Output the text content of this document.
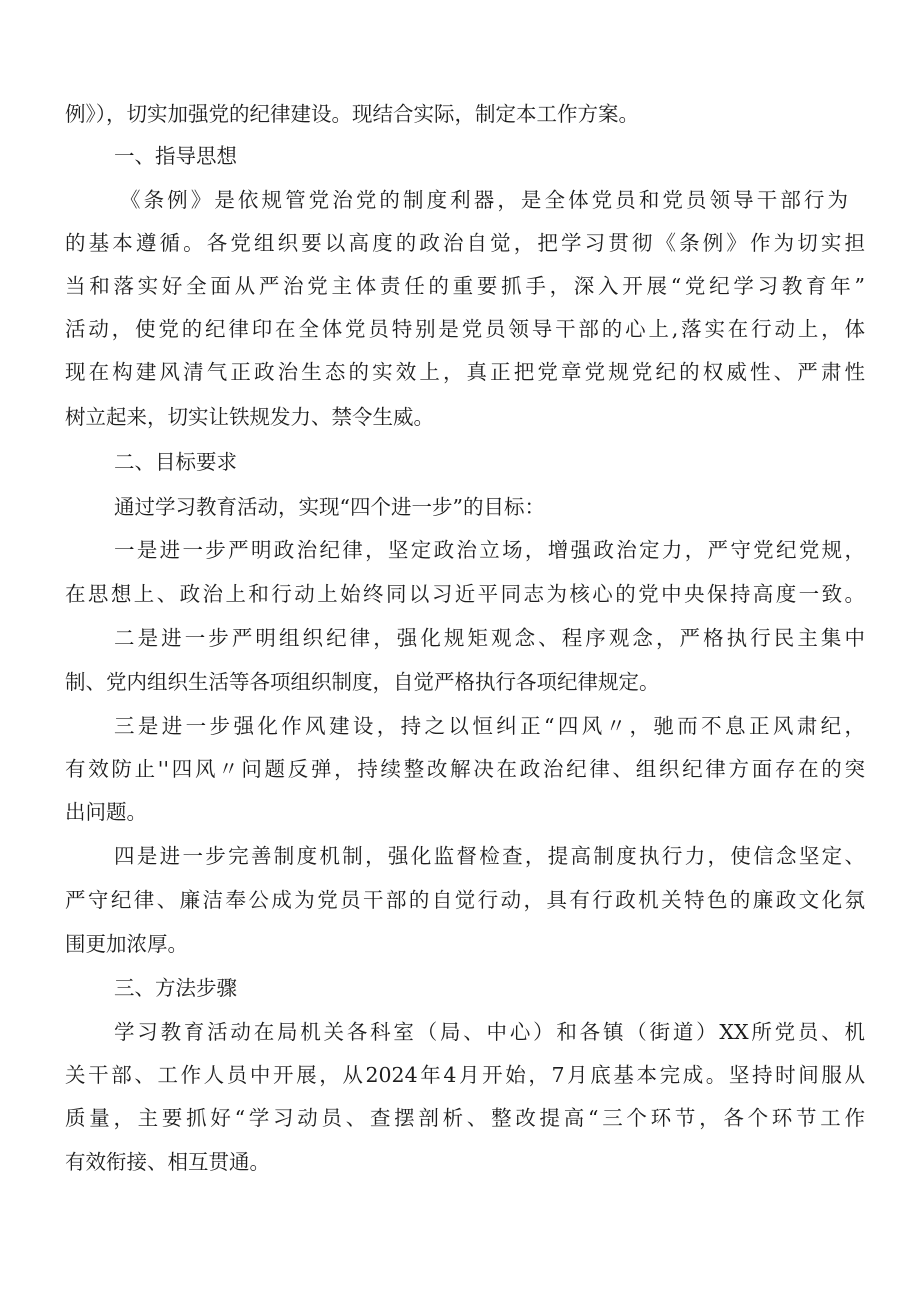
例》），切实加强党的纪律建设。现结合实际，制定本工作方案。
一、指导思想
《条例》是依规管党治党的制度利器，是全体党员和党员领导干部行为
的基本遵循。各党组织要以高度的政治自觉，把学习贯彻《条例》作为切实担
当和落实好全面从严治党主体责任的重要抓手，深入开展“党纪学习教育年”
活动，使党的纪律印在全体党员特别是党员领导干部的心上,落实在行动上，体
现在构建风清气正政治生态的实效上，真正把党章党规党纪的权威性、严肃性
树立起来，切实让铁规发力、禁令生威。
二、目标要求
通过学习教育活动，实现“四个进一步”的目标：
一是进一步严明政治纪律，坚定政治立场，增强政治定力，严守党纪党规，
在思想上、政治上和行动上始终同以习近平同志为核心的党中央保持高度一致。
二是进一步严明组织纪律，强化规矩观念、程序观念，严格执行民主集中
制、党内组织生活等各项组织制度，自觉严格执行各项纪律规定。
三是进一步强化作风建设，持之以恒纠正“四风〃，驰而不息正风肃纪，
有效防止''四风〃问题反弹，持续整改解决在政治纪律、组织纪律方面存在的突
出问题。
四是进一步完善制度机制，强化监督检查，提高制度执行力，使信念坚定、
严守纪律、廉洁奉公成为党员干部的自觉行动，具有行政机关特色的廉政文化氛
围更加浓厚。
三、方法步骤
学习教育活动在局机关各科室（局、中心）和各镇（街道）XX所党员、机
关干部、工作人员中开展，从2024年4月开始，7月底基本完成。坚持时间服从
质量，主要抓好“学习动员、查摆剖析、整改提高“三个环节，各个环节工作
有效衔接、相互贯通。
